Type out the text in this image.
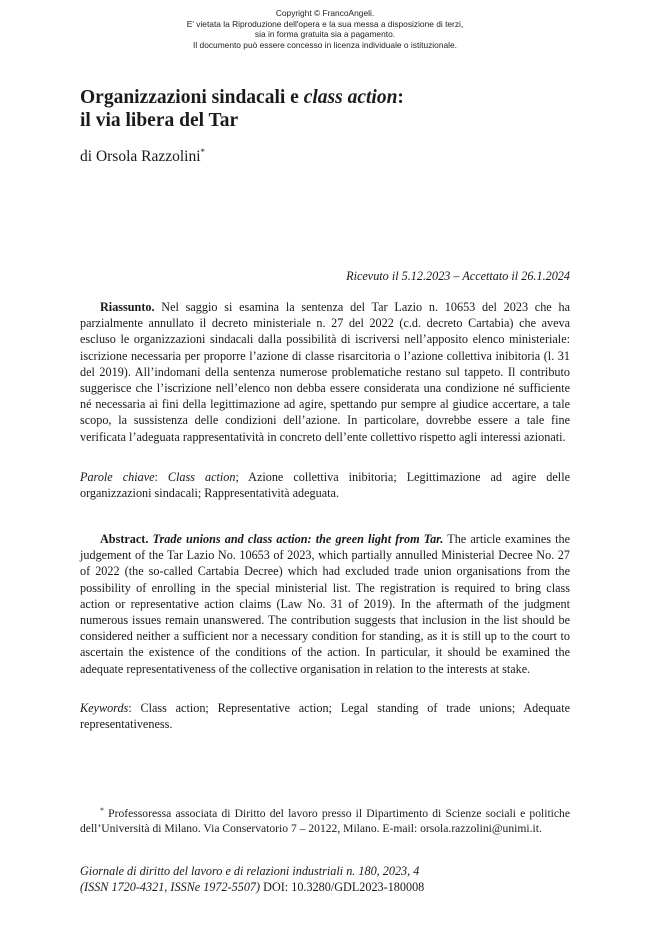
Copyright © FrancoAngeli.
E' vietata la Riproduzione dell'opera e la sua messa a disposizione di terzi,
sia in forma gratuita sia a pagamento.
Il documento può essere concesso in licenza individuale o istituzionale.
Organizzazioni sindacali e class action:
il via libera del Tar
di Orsola Razzolini*
Ricevuto il 5.12.2023 – Accettato il 26.1.2024
Riassunto. Nel saggio si esamina la sentenza del Tar Lazio n. 10653 del 2023 che ha parzialmente annullato il decreto ministeriale n. 27 del 2022 (c.d. decreto Cartabia) che aveva escluso le organizzazioni sindacali dalla possibilità di iscriversi nell’apposito elenco ministeriale: iscrizione necessaria per proporre l’azione di classe risarcitoria o l’azione collettiva inibitoria (l. 31 del 2019). All’indomani della sentenza numerose problematiche restano sul tappeto. Il contributo suggerisce che l’iscrizione nell’elenco non debba essere considerata una condizione né sufficiente né necessaria ai fini della legittimazione ad agire, spettando pur sempre al giudice accertare, a tale scopo, la sussistenza delle condizioni dell’azione. In particolare, dovrebbe essere a tale fine verificata l’adeguata rappresentatività in concreto dell’ente collettivo rispetto agli interessi azionati.
Parole chiave: Class action; Azione collettiva inibitoria; Legittimazione ad agire delle organizzazioni sindacali; Rappresentatività adeguata.
Abstract. Trade unions and class action: the green light from Tar. The article examines the judgement of the Tar Lazio No. 10653 of 2023, which partially annulled Ministerial Decree No. 27 of 2022 (the so-called Cartabia Decree) which had excluded trade union organisations from the possibility of enrolling in the special ministerial list. The registration is required to bring class action or representative action claims (Law No. 31 of 2019). In the aftermath of the judgment numerous issues remain unanswered. The contribution suggests that inclusion in the list should be considered neither a sufficient nor a necessary condition for standing, as it is still up to the court to ascertain the existence of the conditions of the action. In particular, it should be examined the adequate representativeness of the collective organisation in relation to the interests at stake.
Keywords: Class action; Representative action; Legal standing of trade unions; Adequate representativeness.
* Professoressa associata di Diritto del lavoro presso il Dipartimento di Scienze sociali e politiche dell’Università di Milano. Via Conservatorio 7 – 20122, Milano. E-mail: orsola.razzolini@unimi.it.
Giornale di diritto del lavoro e di relazioni industriali n. 180, 2023, 4
(ISSN 1720-4321, ISSNe 1972-5507) DOI: 10.3280/GDL2023-180008
